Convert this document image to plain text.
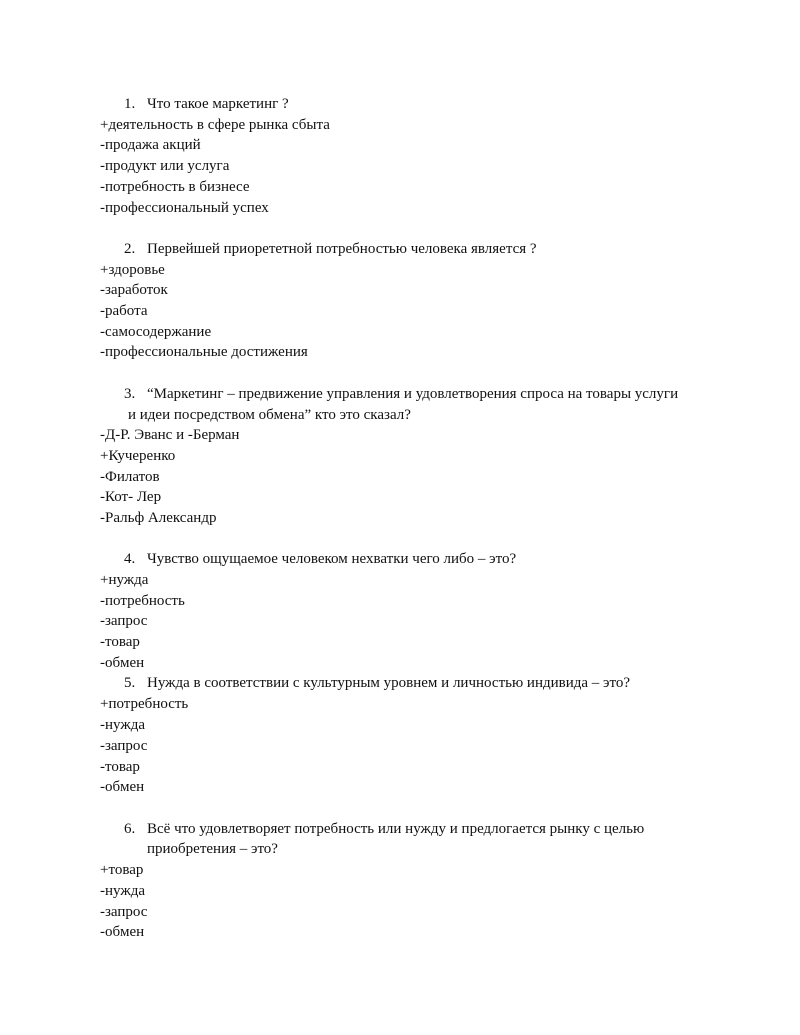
1. Что такое маркетинг ?
+деятельность в сфере рынка сбыта
-продажа акций
-продукт или услуга
-потребность в бизнесе
-профессиональный успех
2. Первейшей приорететной потребностью человека является ?
+здоровье
-заработок
-работа
-самосодержание
-профессиональные достижения
3. “Маркетинг – предвижение управления и удовлетворения спроса на товары услуги
и идеи посредством обмена” кто это сказал?
-Д-Р. Эванс и -Берман
+Кучеренко
-Филатов
-Кот- Лер
-Ральф Александр
4. Чувство ощущаемое человеком нехватки чего либо – это?
+нужда
-потребность
-запрос
-товар
-обмен
5. Нужда в соответствии с культурным уровнем и личностью индивида – это?
+потребность
-нужда
-запрос
-товар
-обмен
6. Всё что удовлетворяет потребность или нужду и предлогается рынку с целью
приобретения – это?
+товар
-нужда
-запрос
-обмен
